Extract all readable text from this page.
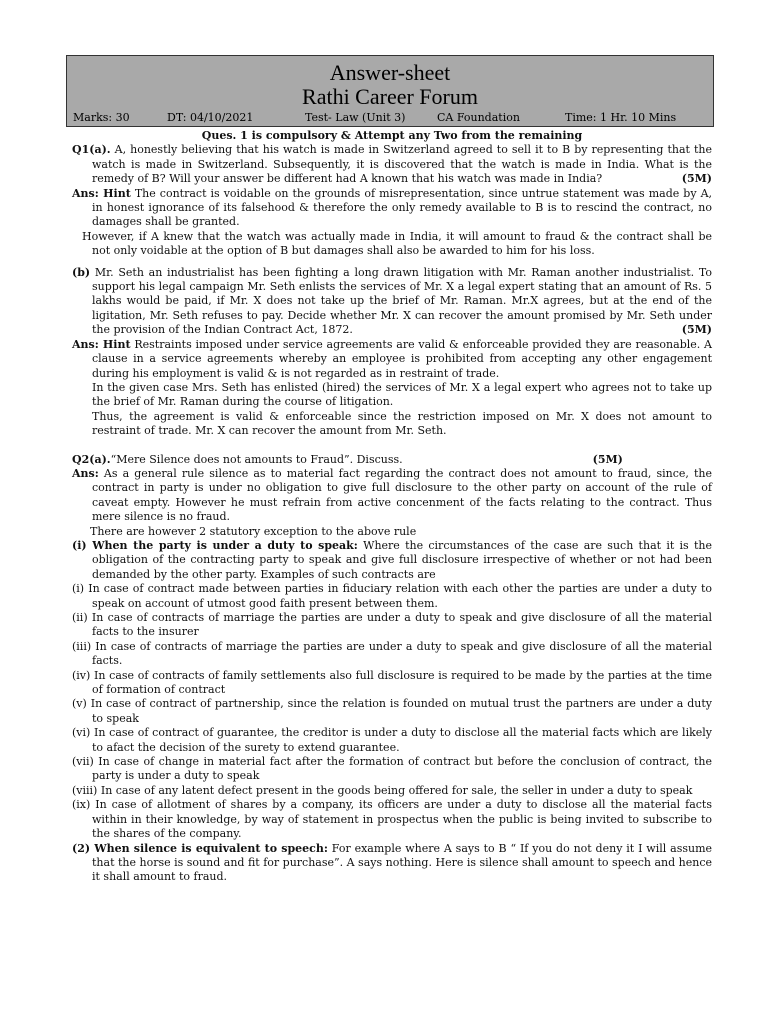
Answer-sheet
Rathi Career Forum
Marks: 30	DT: 04/10/2021	Test- Law (Unit 3)	CA Foundation	Time: 1 Hr. 10 Mins

Ques. 1 is compulsory & Attempt any Two from the remaining

Q1(a). A, honestly believing that his watch is made in Switzerland agreed to sell it to B by representing that the watch is made in Switzerland. Subsequently, it is discovered that the watch is made in India. What is the remedy of B? Will your answer be different had A known that his watch was made in India?	(5M)

Ans: Hint The contract is voidable on the grounds of misrepresentation, since untrue statement was made by A, in honest ignorance of its falsehood & therefore the only remedy available to B is to rescind the contract, no damages shall be granted.

However, if A knew that the watch was actually made in India, it will amount to fraud & the contract shall be not only voidable at the option of B but damages shall also be awarded to him for his loss.

(b) Mr. Seth an industrialist has been fighting a long drawn litigation with Mr. Raman another industrialist. To support his legal campaign Mr. Seth enlists the services of Mr. X a legal expert stating that an amount of Rs. 5 lakhs would be paid, if Mr. X does not take up the brief of Mr. Raman. Mr.X agrees, but at the end of the ligitation, Mr. Seth refuses to pay. Decide whether Mr. X can recover the amount promised by Mr. Seth under the provision of the Indian Contract Act, 1872.	(5M)

Ans: Hint Restraints imposed under service agreements are valid & enforceable provided they are reasonable. A clause in a service agreements whereby an employee is prohibited from accepting any other engagement during his employment is valid & is not regarded as in restraint of trade.

In the given case Mrs. Seth has enlisted (hired) the services of Mr. X a legal expert who agrees not to take up the brief of Mr. Raman during the course of litigation.

Thus, the agreement is valid & enforceable since the restriction imposed on Mr. X does not amount to restraint of trade. Mr. X can recover the amount from Mr. Seth.

Q2(a).“Mere Silence does not amounts to Fraud”. Discuss.	(5M)

Ans: As a general rule silence as to material fact regarding the contract does not amount to fraud, since, the contract in party is under no obligation to give full disclosure to the other party on account of the rule of caveat empty. However he must refrain from active concenment of the facts relating to the contract. Thus mere silence is no fraud.

There are however 2 statutory exception to the above rule

(i) When the party is under a duty to speak: Where the circumstances of the case are such that it is the obligation of the contracting party to speak and give full disclosure irrespective of whether or not had been demanded by the other party. Examples of such contracts are

(i) In case of contract made between parties in fiduciary relation with each other the parties are under a duty to speak on account of utmost good faith present between them.

(ii) In case of contracts of marriage the parties are under a duty to speak and give disclosure of all the material facts to the insurer

(iii) In case of contracts of marriage the parties are under a duty to speak and give disclosure of all the material facts.

(iv) In case of contracts of family settlements also full disclosure is required to be made by the parties at the time of formation of contract

(v) In case of contract of partnership, since the relation is founded on mutual trust the partners are under a duty to speak

(vi) In case of contract of guarantee, the creditor is under a duty to disclose all the material facts which are likely to afact the decision of the surety to extend guarantee.

(vii) In case of change in material fact after the formation of contract but before the conclusion of contract, the party is under a duty to speak

(viii) In case of any latent defect present in the goods being offered for sale, the seller in under a duty to speak

(ix) In case of allotment of shares by a company, its officers are under a duty to disclose all the material facts within in their knowledge, by way of statement in prospectus when the public is being invited to subscribe to the shares of the company.

(2) When silence is equivalent to speech: For example where A says to B “ If you do not deny it I will assume that the horse is sound and fit for purchase”. A says nothing. Here is silence shall amount to speech and hence it shall amount to fraud.
